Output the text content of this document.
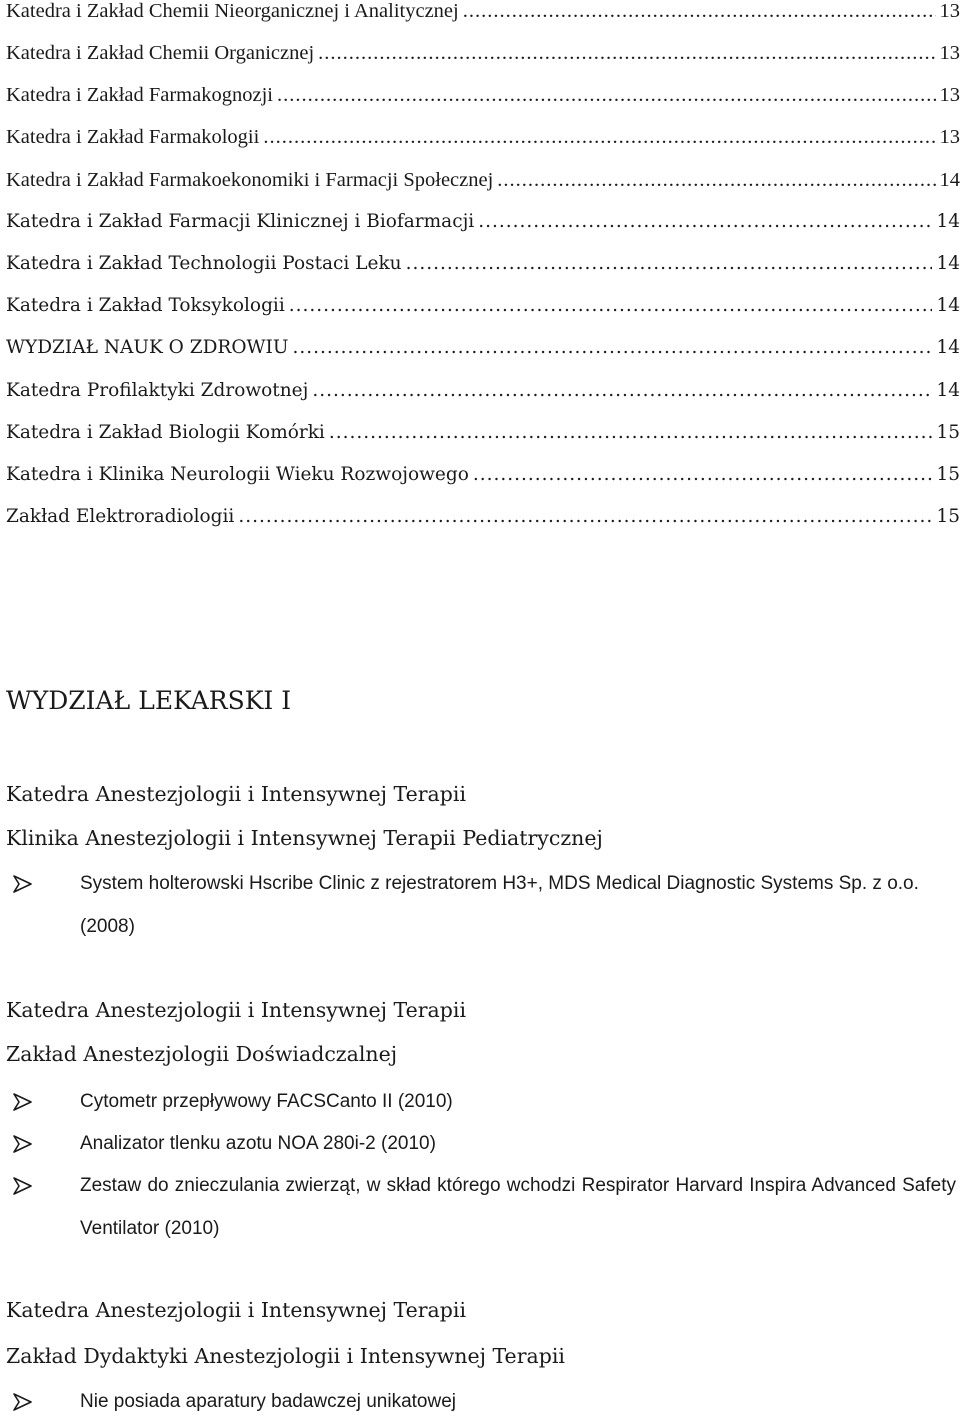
Katedra i Zakład Chemii Nieorganicznej i Analitycznej .....	13
Katedra i Zakład Chemii Organicznej .....	13
Katedra i Zakład Farmakognozji .....	13
Katedra i Zakład Farmakologii .....	13
Katedra i Zakład Farmakoekonomiki i Farmacji Społecznej .....	14
Katedra i Zakład Farmacji Klinicznej i Biofarmacji .....	14
Katedra i Zakład Technologii Postaci Leku .....	14
Katedra i Zakład Toksykologii .....	14
WYDZIAŁ NAUK O ZDROWIU .....	14
Katedra Profilaktyki Zdrowotnej .....	14
Katedra i Zakład Biologii Komórki .....	15
Katedra i Klinika Neurologii Wieku Rozwojowego .....	15
Zakład Elektroradiologii .....	15
WYDZIAŁ LEKARSKI I
Katedra Anestezjologii i Intensywnej Terapii
Klinika Anestezjologii i Intensywnej Terapii Pediatrycznej
System holterowski Hscribe Clinic z rejestratorem H3+, MDS Medical Diagnostic Systems Sp. z o.o. (2008)
Katedra Anestezjologii i Intensywnej Terapii
Zakład Anestezjologii Doświadczalnej
Cytometr przepływowy FACSCanto II (2010)
Analizator tlenku azotu NOA 280i-2 (2010)
Zestaw do znieczulania zwierząt, w skład którego wchodzi Respirator Harvard Inspira Advanced Safety Ventilator (2010)
Katedra Anestezjologii i Intensywnej Terapii
Zakład Dydaktyki Anestezjologii i Intensywnej Terapii
Nie posiada aparatury badawczej unikatowej
